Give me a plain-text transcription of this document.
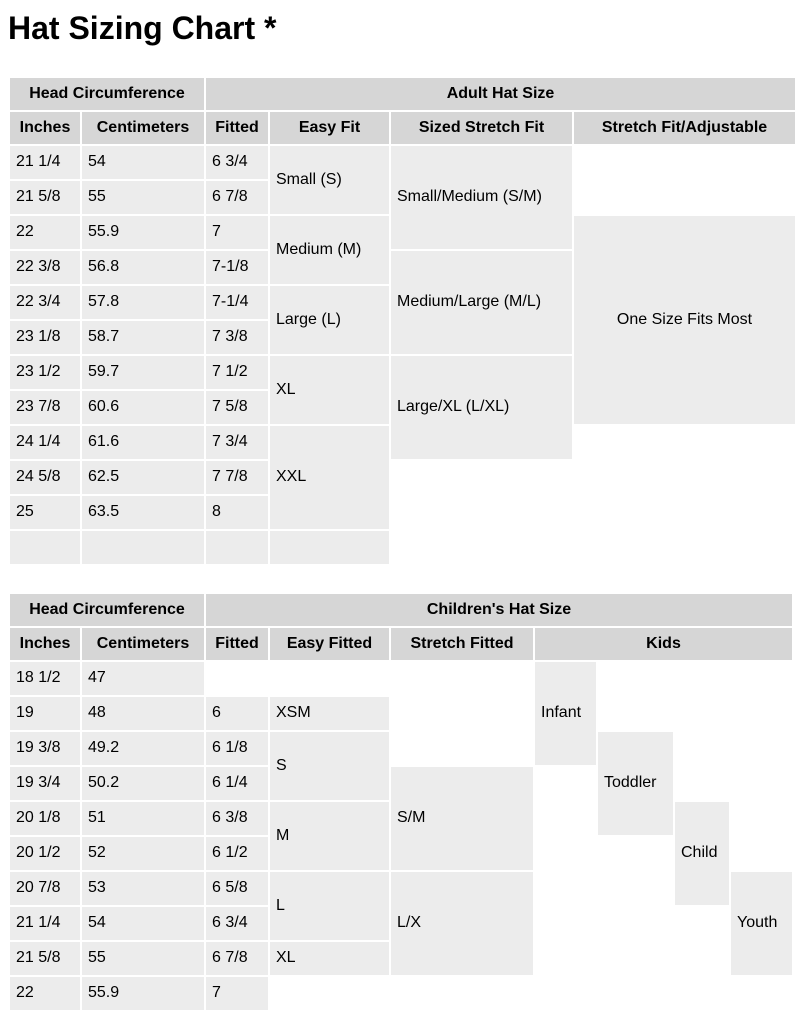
Hat Sizing Chart *
Head Circumference		Adult Hat Size			
Inches	Centimeters	Fitted	Easy Fit	Sized Stretch Fit	Stretch Fit/Adjustable
21 1/4	54	6 3/4	Small (S)	Small/Medium (S/M)	
21 5/8	55	6 7/8			
22	55.9	7	Medium (M)		One Size Fits Most
22 3/8	56.8	7-1/8		Medium/Large (M/L)	
22 3/4	57.8	7-1/4	Large (L)		
23 1/8	58.7	7 3/8			
23 1/2	59.7	7 1/2	XL	Large/XL (L/XL)	
23 7/8	60.6	7 5/8			
24 1/4	61.6	7 3/4	XXL		
24 5/8	62.5	7 7/8			
25	63.5	8			

Head Circumference		Children's Hat Size						
Inches	Centimeters	Fitted	Easy Fitted	Stretch Fitted	Kids			
18 1/2	47				Infant			
19	48	6	XSM					
19 3/8	49.2	6 1/8	S			Toddler		
19 3/4	50.2	6 1/4		S/M				
20 1/8	51	6 3/8	M				Child	
20 1/2	52	6 1/2						
20 7/8	53	6 5/8	L	L/X				Youth
21 1/4	54	6 3/4						
21 5/8	55	6 7/8	XL					
22	55.9	7						
